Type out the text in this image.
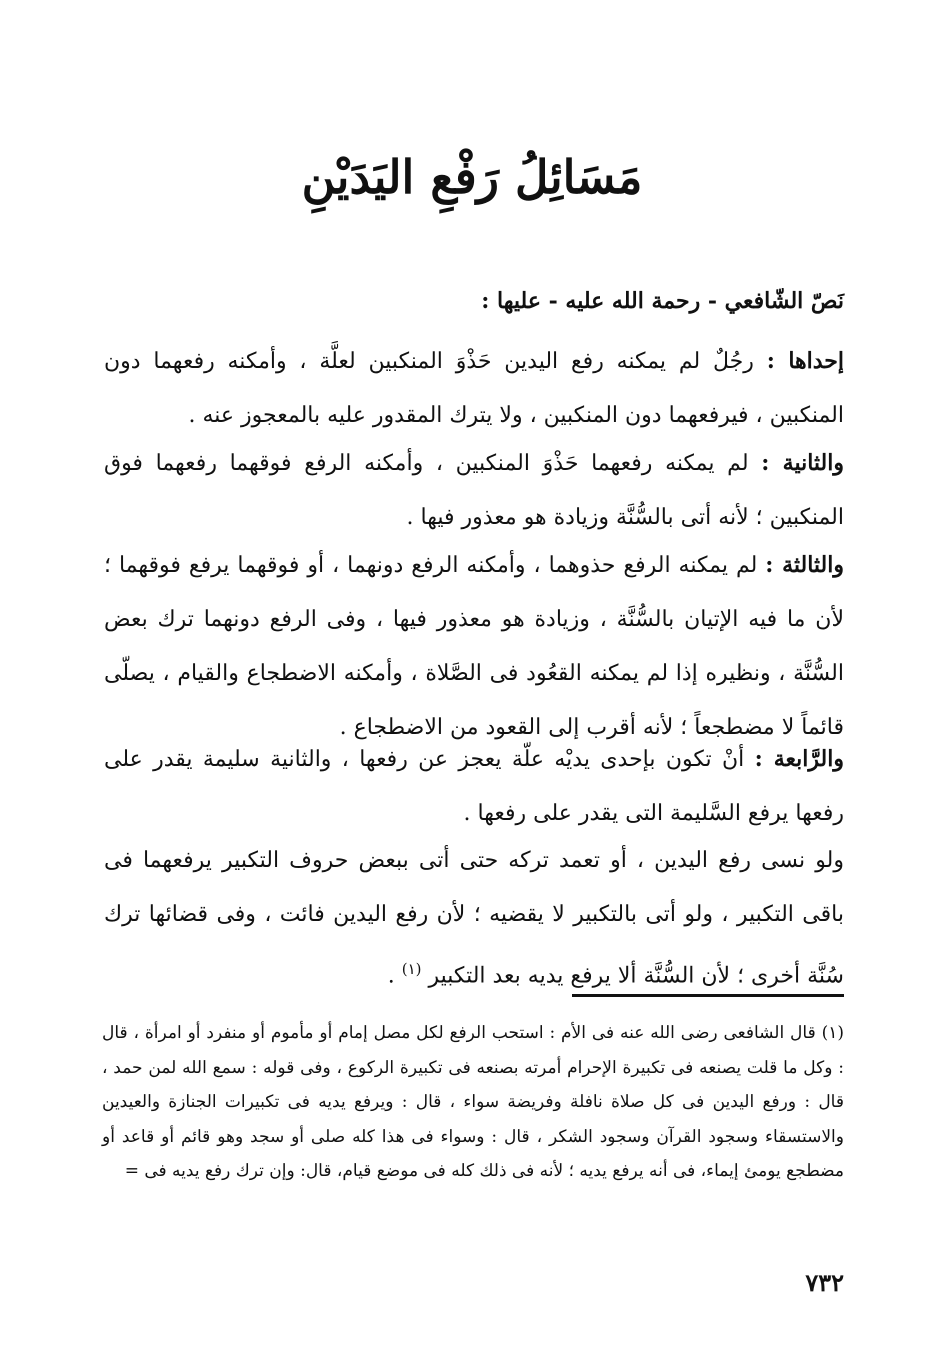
مَسَائِلُ رَفْعِ اليَدَيْنِ
نَصّ الشّافعي - رحمة الله عليه - عليها :

إحداها : رجُلٌ لم يمكنه رفع اليدين حَذْوَ المنكبين لعلَّة ، وأمكنه رفعهما دون المنكبين ، فيرفعهما دون المنكبين ، ولا يترك المقدور عليه بالمعجوز عنه .

والثانية : لم يمكنه رفعهما حَذْوَ المنكبين ، وأمكنه الرفع فوقهما رفعهما فوق المنكبين ؛ لأنه أتى بالسُّنَّة وزيادة هو معذور فيها .

والثالثة : لم يمكنه الرفع حذوهما ، وأمكنه الرفع دونهما ، أو فوقهما يرفع فوقهما ؛ لأن ما فيه الإتيان بالسُّنَّة ، وزيادة هو معذور فيها ، وفى الرفع دونهما ترك بعض السُّنَّة ، ونظيره إذا لم يمكنه القعُود فى الصَّلاة ، وأمكنه الاضطجاع والقيام ، يصلّى قائماً لا مضطجعاً ؛ لأنه أقرب إلى القعود من الاضطجاع .

والرَّابعة : أنْ تكون بإحدى يديْه علّة يعجز عن رفعها ، والثانية سليمة يقدر على رفعها يرفع السَّليمة التى يقدر على رفعها .

ولو نسى رفع اليدين ، أو تعمد تركه حتى أتى ببعض حروف التكبير يرفعهما فى باقى التكبير ، ولو أتى بالتكبير لا يقضيه ؛ لأن رفع اليدين فائت ، وفى قضائها ترك سُنَّة أخرى ؛ لأن السُّنَّة ألا يرفع يديه بعد التكبير $^{(١)}$ .

(١) قال الشافعى رضى الله عنه فى الأم : استحب الرفع لكل مصل إمام أو مأموم أو منفرد أو امرأة ، قال : وكل ما قلت يصنعه فى تكبيرة الإحرام أمرته بصنعه فى تكبيرة الركوع ، وفى قوله : سمع الله لمن حمد ، قال : ورفع اليدين فى كل صلاة نافلة وفريضة سواء ، قال : ويرفع يديه فى تكبيرات الجنازة والعيدين والاستسقاء وسجود القرآن وسجود الشكر ، قال : وسواء فى هذا كله صلى أو سجد وهو قائم أو قاعد أو مضطجع يومئ إيماء، فى أنه يرفع يديه ؛ لأنه فى ذلك كله فى موضع قيام، قال: وإن ترك رفع يديه فى =

٧٣٢
